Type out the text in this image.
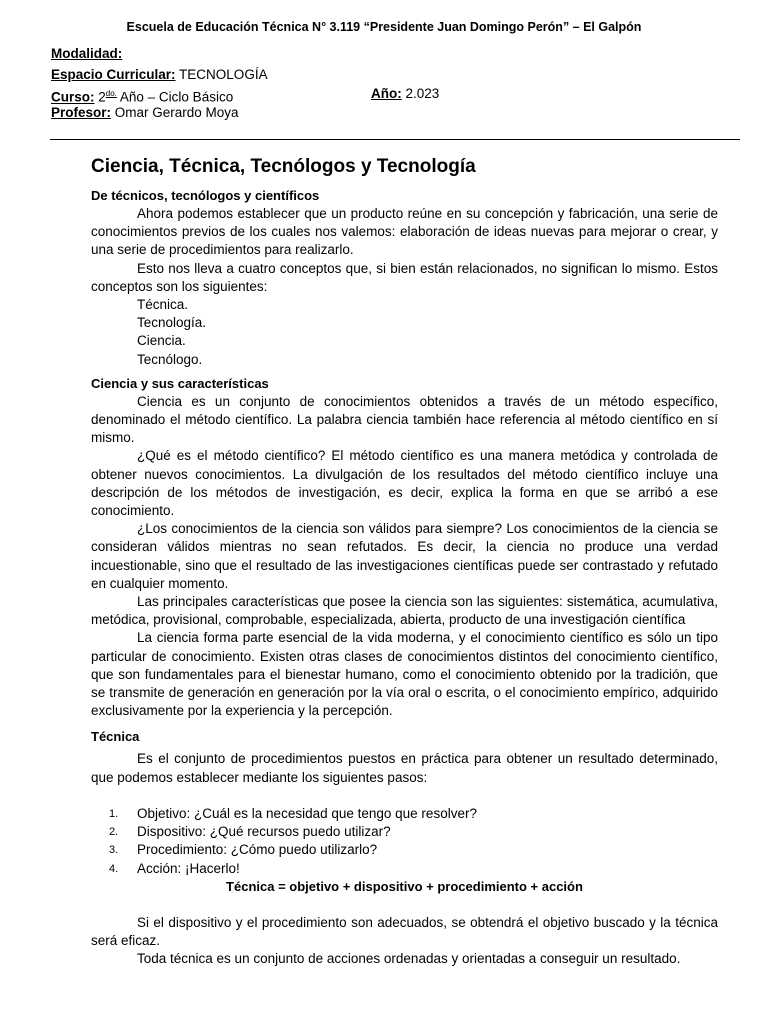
Escuela de Educación Técnica N° 3.119 “Presidente Juan Domingo Perón” – El Galpón
Modalidad:
Espacio Curricular: TECNOLOGÍA
Curso: $2^{do.}$ Año – Ciclo Básico	Año: 2.023
Profesor: Omar Gerardo Moya
Ciencia, Técnica, Tecnólogos y Tecnología
De técnicos, tecnólogos y científicos

Ahora podemos establecer que un producto reúne en su concepción y fabricación, una serie de conocimientos previos de los cuales nos valemos: elaboración de ideas nuevas para mejorar o crear, y una serie de procedimientos para realizarlo.

Esto nos lleva a cuatro conceptos que, si bien están relacionados, no significan lo mismo. Estos conceptos son los siguientes:

Técnica.
Tecnología.
Ciencia.
Tecnólogo.
Ciencia y sus características

Ciencia es un conjunto de conocimientos obtenidos a través de un método específico, denominado el método científico. La palabra ciencia también hace referencia al método científico en sí mismo.

¿Qué es el método científico? El método científico es una manera metódica y controlada de obtener nuevos conocimientos. La divulgación de los resultados del método científico incluye una descripción de los métodos de investigación, es decir, explica la forma en que se arribó a ese conocimiento.

¿Los conocimientos de la ciencia son válidos para siempre? Los conocimientos de la ciencia se consideran válidos mientras no sean refutados. Es decir, la ciencia no produce una verdad incuestionable, sino que el resultado de las investigaciones científicas puede ser contrastado y refutado en cualquier momento.

Las principales características que posee la ciencia son las siguientes: sistemática, acumulativa, metódica, provisional, comprobable, especializada, abierta, producto de una investigación científica

La ciencia forma parte esencial de la vida moderna, y el conocimiento científico es sólo un tipo particular de conocimiento. Existen otras clases de conocimientos distintos del conocimiento científico, que son fundamentales para el bienestar humano, como el conocimiento obtenido por la tradición, que se transmite de generación en generación por la vía oral o escrita, o el conocimiento empírico, adquirido exclusivamente por la experiencia y la percepción.

Técnica

Es el conjunto de procedimientos puestos en práctica para obtener un resultado determinado, que podemos establecer mediante los siguientes pasos:

1. Objetivo: ¿Cuál es la necesidad que tengo que resolver?
2. Dispositivo: ¿Qué recursos puedo utilizar?
3. Procedimiento: ¿Cómo puedo utilizarlo?
4. Acción: ¡Hacerlo!
Técnica = objetivo + dispositivo + procedimiento + acción

Si el dispositivo y el procedimiento son adecuados, se obtendrá el objetivo buscado y la técnica será eficaz.

Toda técnica es un conjunto de acciones ordenadas y orientadas a conseguir un resultado.
